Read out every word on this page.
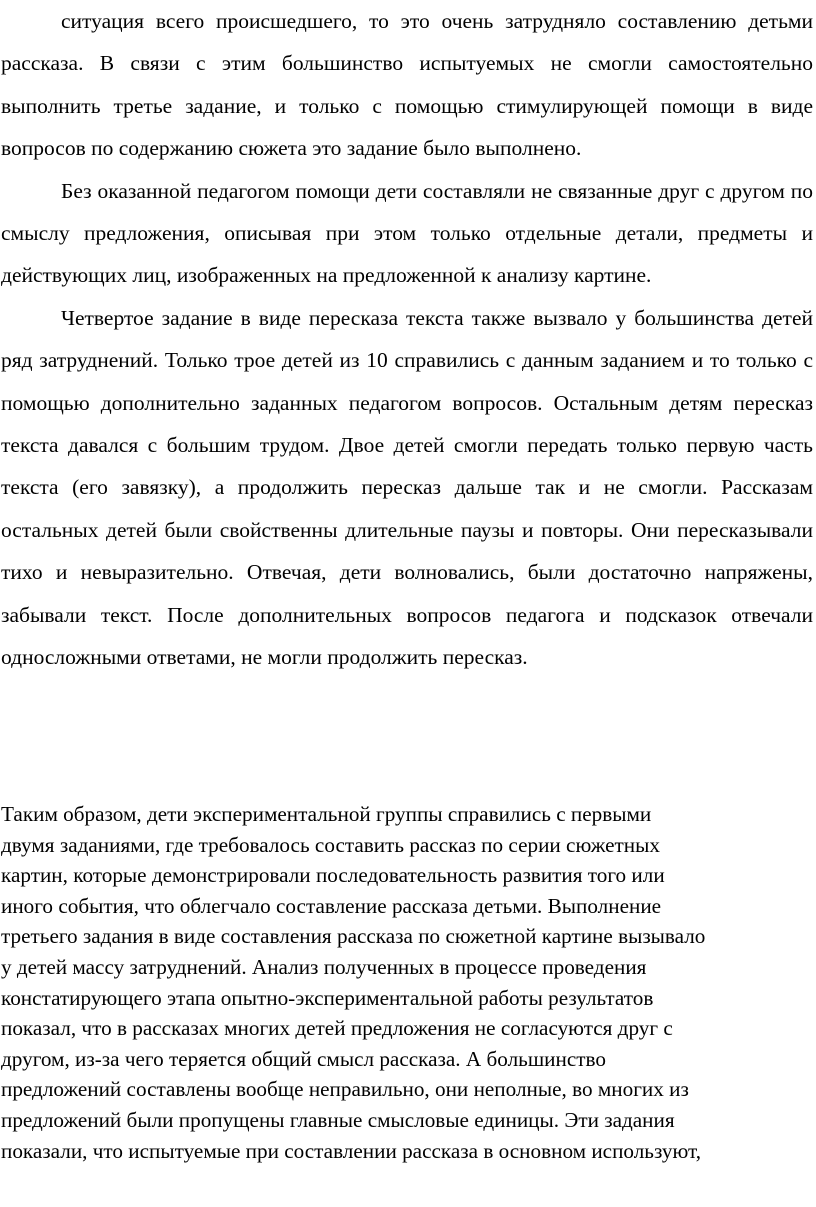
ситуация всего происшедшего, то это очень затрудняло составлению детьми рассказа. В связи с этим большинство испытуемых не смогли самостоятельно выполнить третье задание, и только с помощью стимулирующей помощи в виде вопросов по содержанию сюжета это задание было выполнено.

Без оказанной педагогом помощи дети составляли не связанные друг с другом по смыслу предложения, описывая при этом только отдельные детали, предметы и действующих лиц, изображенных на предложенной к анализу картине.

Четвертое задание в виде пересказа текста также вызвало у большинства детей ряд затруднений. Только трое детей из 10 справились с данным заданием и то только с помощью дополнительно заданных педагогом вопросов. Остальным детям пересказ текста давался с большим трудом. Двое детей смогли передать только первую часть текста (его завязку), а продолжить пересказ дальше так и не смогли. Рассказам остальных детей были свойственны длительные паузы и повторы. Они пересказывали тихо и невыразительно. Отвечая, дети волновались, были достаточно напряжены, забывали текст. После дополнительных вопросов педагога и подсказок отвечали односложными ответами, не могли продолжить пересказ.

Таким образом, дети экспериментальной группы справились с первыми
двумя заданиями, где требовалось составить рассказ по серии сюжетных
картин, которые демонстрировали последовательность развития того или
иного события, что облегчало составление рассказа детьми. Выполнение
третьего задания в виде составления рассказа по сюжетной картине вызывало
у детей массу затруднений. Анализ полученных в процессе проведения
констатирующего этапа опытно-экспериментальной работы результатов
показал, что в рассказах многих детей предложения не согласуются друг с
другом, из-за чего теряется общий смысл рассказа. А большинство
предложений составлены вообще неправильно, они неполные, во многих из
предложений были пропущены главные смысловые единицы. Эти задания
показали, что испытуемые при составлении рассказа в основном используют,
